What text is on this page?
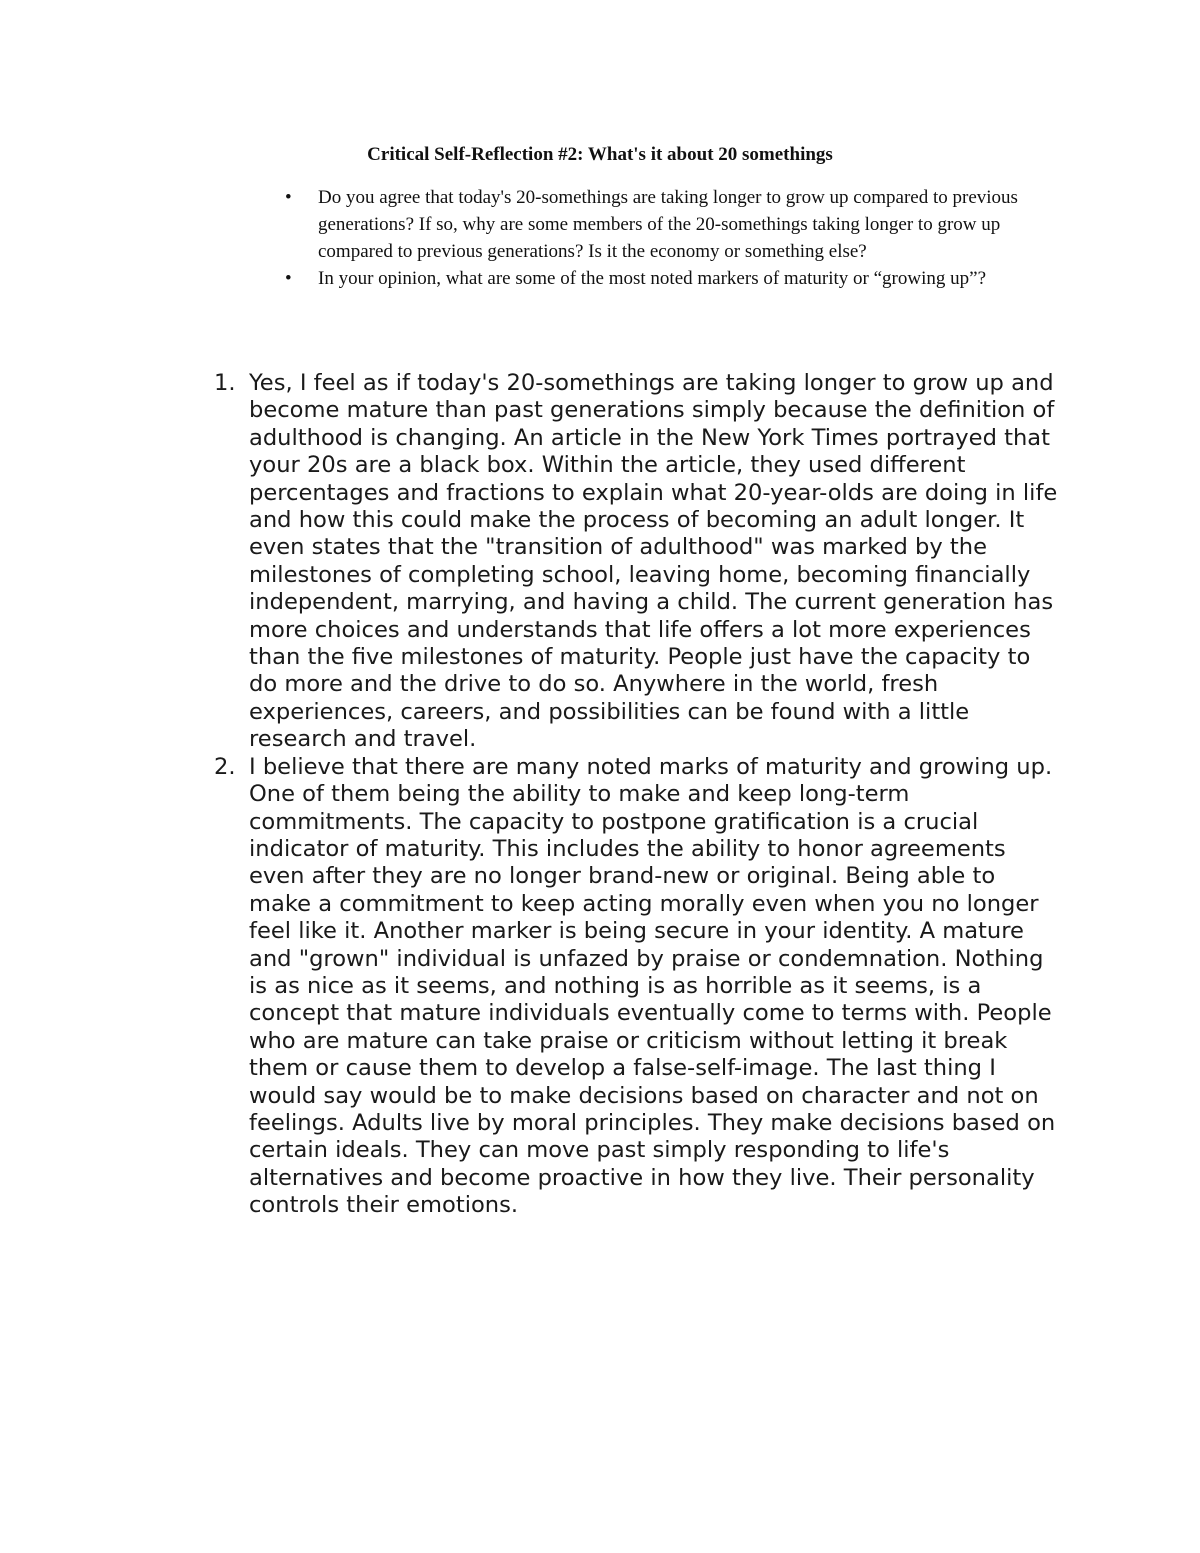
Critical Self-Reflection #2: What's it about 20 somethings
• Do you agree that today's 20-somethings are taking longer to grow up compared to previous generations? If so, why are some members of the 20-somethings taking longer to grow up compared to previous generations? Is it the economy or something else?
• In your opinion, what are some of the most noted markers of maturity or “growing up”?
1. Yes, I feel as if today's 20-somethings are taking longer to grow up and become mature than past generations simply because the definition of adulthood is changing. An article in the New York Times portrayed that your 20s are a black box. Within the article, they used different percentages and fractions to explain what 20-year-olds are doing in life and how this could make the process of becoming an adult longer. It even states that the "transition of adulthood" was marked by the milestones of completing school, leaving home, becoming financially independent, marrying, and having a child. The current generation has more choices and understands that life offers a lot more experiences than the five milestones of maturity. People just have the capacity to do more and the drive to do so. Anywhere in the world, fresh experiences, careers, and possibilities can be found with a little research and travel.
2. I believe that there are many noted marks of maturity and growing up. One of them being the ability to make and keep long-term commitments. The capacity to postpone gratification is a crucial indicator of maturity. This includes the ability to honor agreements even after they are no longer brand-new or original. Being able to make a commitment to keep acting morally even when you no longer feel like it. Another marker is being secure in your identity. A mature and "grown" individual is unfazed by praise or condemnation. Nothing is as nice as it seems, and nothing is as horrible as it seems, is a concept that mature individuals eventually come to terms with. People who are mature can take praise or criticism without letting it break them or cause them to develop a false-self-image. The last thing I would say would be to make decisions based on character and not on feelings. Adults live by moral principles. They make decisions based on certain ideals. They can move past simply responding to life's alternatives and become proactive in how they live. Their personality controls their emotions.
